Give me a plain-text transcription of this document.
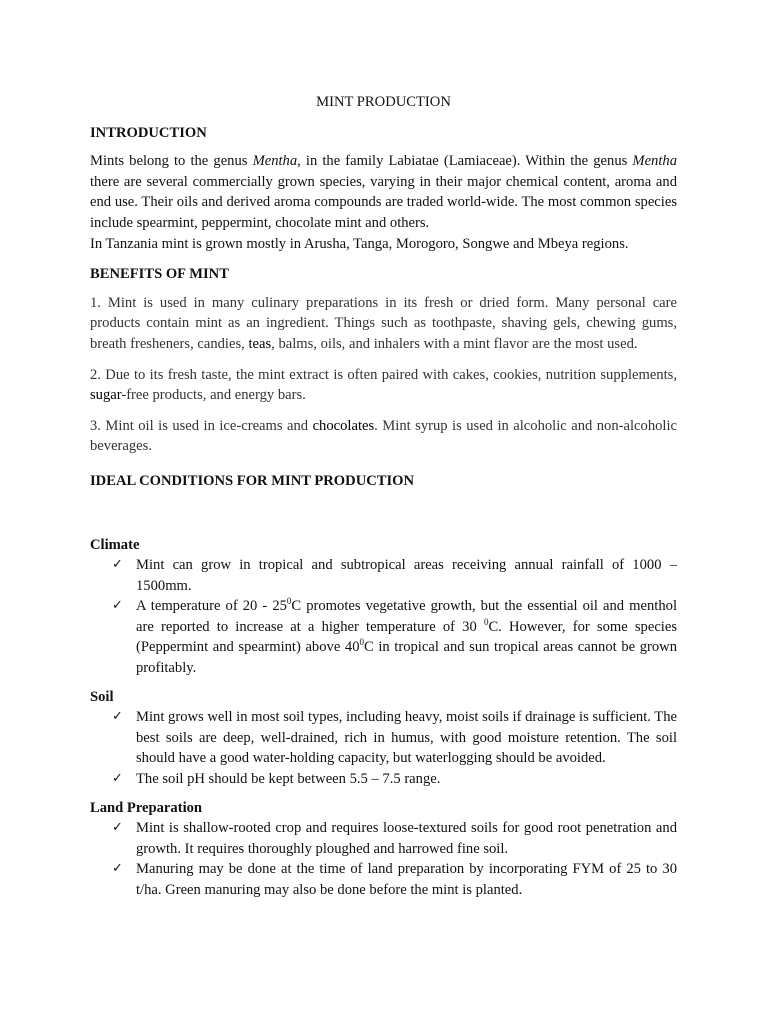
MINT PRODUCTION
INTRODUCTION

Mints belong to the genus Mentha, in the family Labiatae (Lamiaceae). Within the genus Mentha there are several commercially grown species, varying in their major chemical content, aroma and end use. Their oils and derived aroma compounds are traded world-wide. The most common species include spearmint, peppermint, chocolate mint and others.

In Tanzania mint is grown mostly in Arusha, Tanga, Morogoro, Songwe and Mbeya regions.

BENEFITS OF MINT

1. Mint is used in many culinary preparations in its fresh or dried form. Many personal care products contain mint as an ingredient. Things such as toothpaste, shaving gels, chewing gums, breath fresheners, candies, teas, balms, oils, and inhalers with a mint flavor are the most used.

2. Due to its fresh taste, the mint extract is often paired with cakes, cookies, nutrition supplements, sugar-free products, and energy bars.

3. Mint oil is used in ice-creams and chocolates. Mint syrup is used in alcoholic and non-alcoholic beverages.

IDEAL CONDITIONS FOR MINT PRODUCTION
Climate
✓ Mint can grow in tropical and subtropical areas receiving annual rainfall of 1000 – 1500mm.
✓ A temperature of $20 - 25^0C$ promotes vegetative growth, but the essential oil and menthol are reported to increase at a higher temperature of 30 $^0$C. However, for some species (Peppermint and spearmint) above $40^0C$ in tropical and sun tropical areas cannot be grown profitably.
Soil
✓ Mint grows well in most soil types, including heavy, moist soils if drainage is sufficient. The best soils are deep, well-drained, rich in humus, with good moisture retention. The soil should have a good water-holding capacity, but waterlogging should be avoided.
✓ The soil pH should be kept between 5.5 – 7.5 range.
Land Preparation
✓ Mint is shallow-rooted crop and requires loose-textured soils for good root penetration and growth. It requires thoroughly ploughed and harrowed fine soil.
✓ Manuring may be done at the time of land preparation by incorporating FYM of 25 to 30 t/ha. Green manuring may also be done before the mint is planted.
